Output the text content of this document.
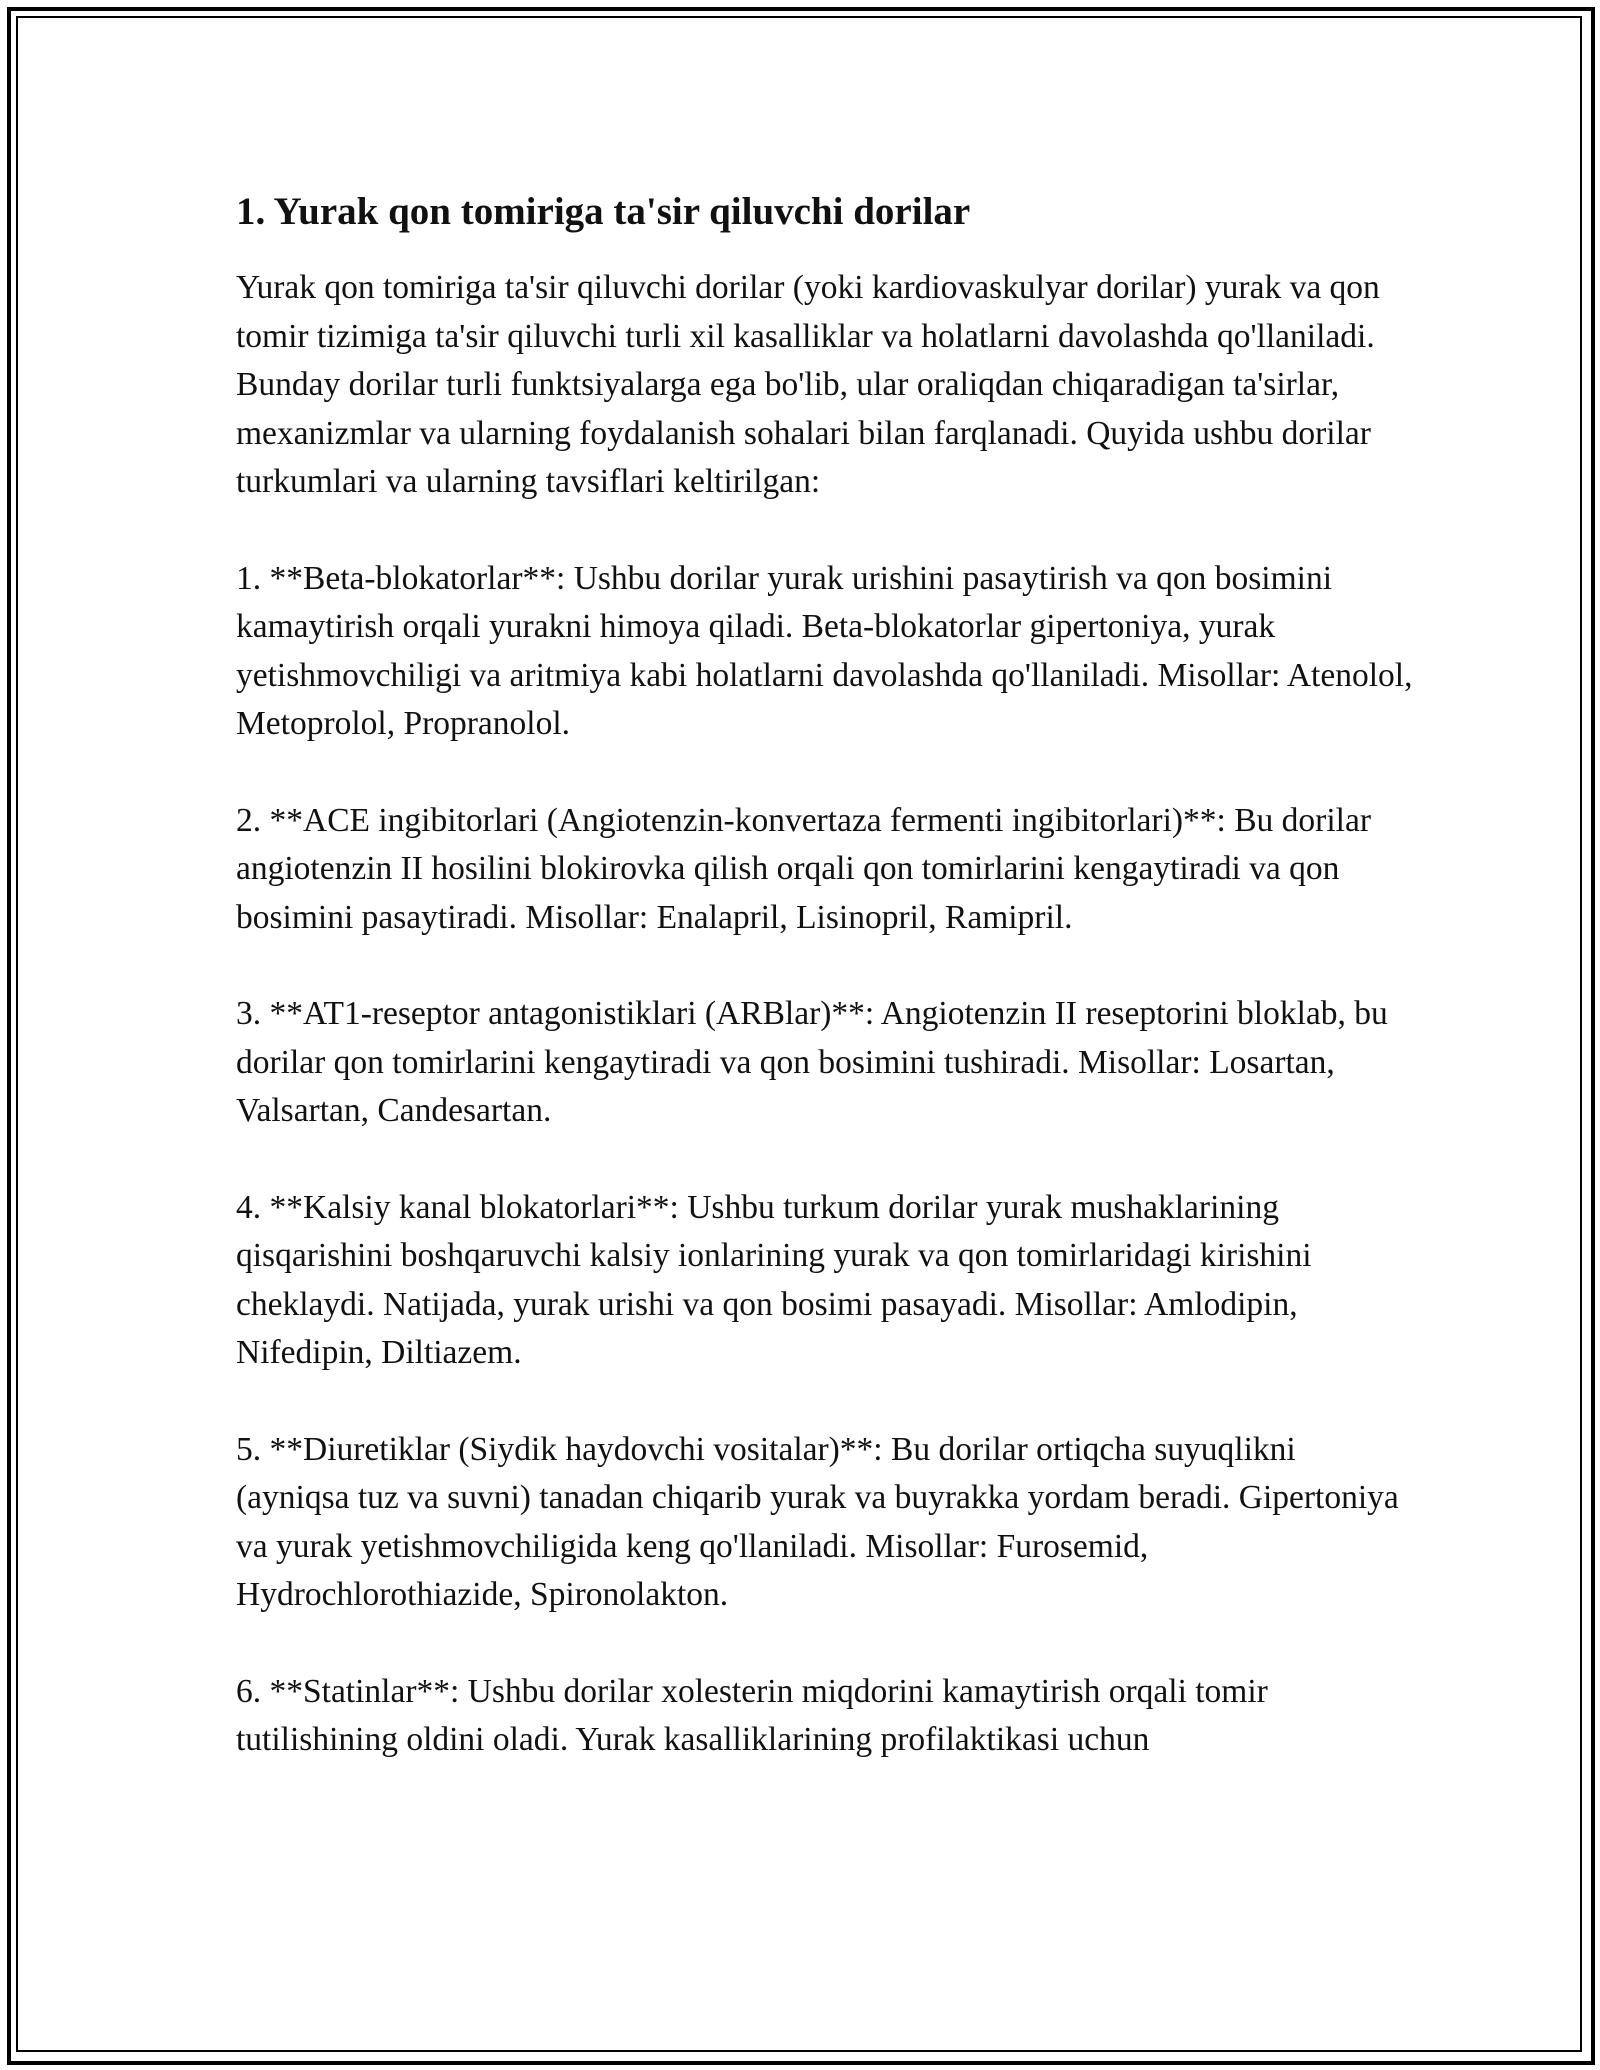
1. Yurak qon tomiriga ta'sir qiluvchi dorilar

Yurak qon tomiriga ta'sir qiluvchi dorilar (yoki kardiovaskulyar dorilar) yurak va qon tomir tizimiga ta'sir qiluvchi turli xil kasalliklar va holatlarni davolashda qo'llaniladi. Bunday dorilar turli funktsiyalarga ega bo'lib, ular oraliqdan chiqaradigan ta'sirlar, mexanizmlar va ularning foydalanish sohalari bilan farqlanadi. Quyida ushbu dorilar turkumlari va ularning tavsiflari keltirilgan:

1. **Beta-blokatorlar**: Ushbu dorilar yurak urishini pasaytirish va qon bosimini kamaytirish orqali yurakni himoya qiladi. Beta-blokatorlar gipertoniya, yurak yetishmovchiligi va aritmiya kabi holatlarni davolashda qo'llaniladi. Misollar: Atenolol, Metoprolol, Propranolol.

2. **ACE ingibitorlari (Angiotenzin-konvertaza fermenti ingibitorlari)**: Bu dorilar angiotenzin II hosilini blokirovka qilish orqali qon tomirlarini kengaytiradi va qon bosimini pasaytiradi. Misollar: Enalapril, Lisinopril, Ramipril.

3. **AT1-reseptor antagonistiklari (ARBlar)**: Angiotenzin II reseptorini bloklab, bu dorilar qon tomirlarini kengaytiradi va qon bosimini tushiradi. Misollar: Losartan, Valsartan, Candesartan.

4. **Kalsiy kanal blokatorlari**: Ushbu turkum dorilar yurak mushaklarining qisqarishini boshqaruvchi kalsiy ionlarining yurak va qon tomirlaridagi kirishini cheklaydi. Natijada, yurak urishi va qon bosimi pasayadi. Misollar: Amlodipin, Nifedipin, Diltiazem.

5. **Diuretiklar (Siydik haydovchi vositalar)**: Bu dorilar ortiqcha suyuqlikni (ayniqsa tuz va suvni) tanadan chiqarib yurak va buyrakka yordam beradi. Gipertoniya va yurak yetishmovchiligida keng qo'llaniladi. Misollar: Furosemid, Hydrochlorothiazide, Spironolakton.

6. **Statinlar**: Ushbu dorilar xolesterin miqdorini kamaytirish orqali tomir tutilishining oldini oladi. Yurak kasalliklarining profilaktikasi uchun
